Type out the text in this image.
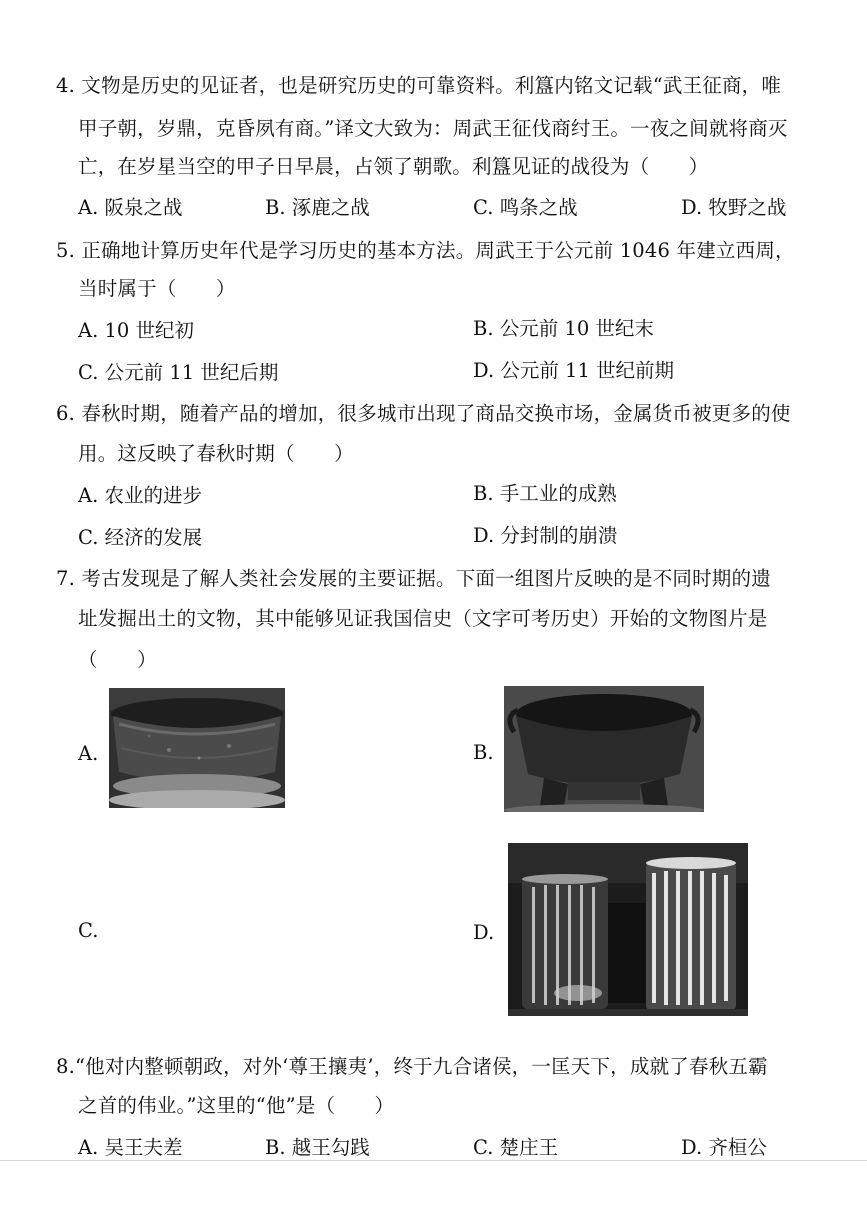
4. 文物是历史的见证者，也是研究历史的可靠资料。利簋内铭文记载“武王征商，唯
甲子朝，岁鼎，克昏夙有商。”译文大致为：周武王征伐商纣王。一夜之间就将商灭
亡，在岁星当空的甲子日早晨，占领了朝歌。利簋见证的战役为（　　）
A. 阪泉之战	B. 涿鹿之战	C. 鸣条之战	D. 牧野之战
5. 正确地计算历史年代是学习历史的基本方法。周武王于公元前 1046 年建立西周，
当时属于（　　）
A. 10 世纪初	B. 公元前 10 世纪末
C. 公元前 11 世纪后期	D. 公元前 11 世纪前期
6. 春秋时期，随着产品的增加，很多城市出现了商品交换市场，金属货币被更多的使
用。这反映了春秋时期（　　）
A. 农业的进步	B. 手工业的成熟
C. 经济的发展	D. 分封制的崩溃
7. 考古发现是了解人类社会发展的主要证据。下面一组图片反映的是不同时期的遗
址发掘出土的文物，其中能够见证我国信史（文字可考历史）开始的文物图片是
（　　）
A.	B.
C.	D.
8.“他对内整顿朝政，对外‘尊王攘夷’，终于九合诸侯，一匡天下，成就了春秋五霸
之首的伟业。”这里的“他”是（　　）
A. 吴王夫差	B. 越王勾践	C. 楚庄王	D. 齐桓公
